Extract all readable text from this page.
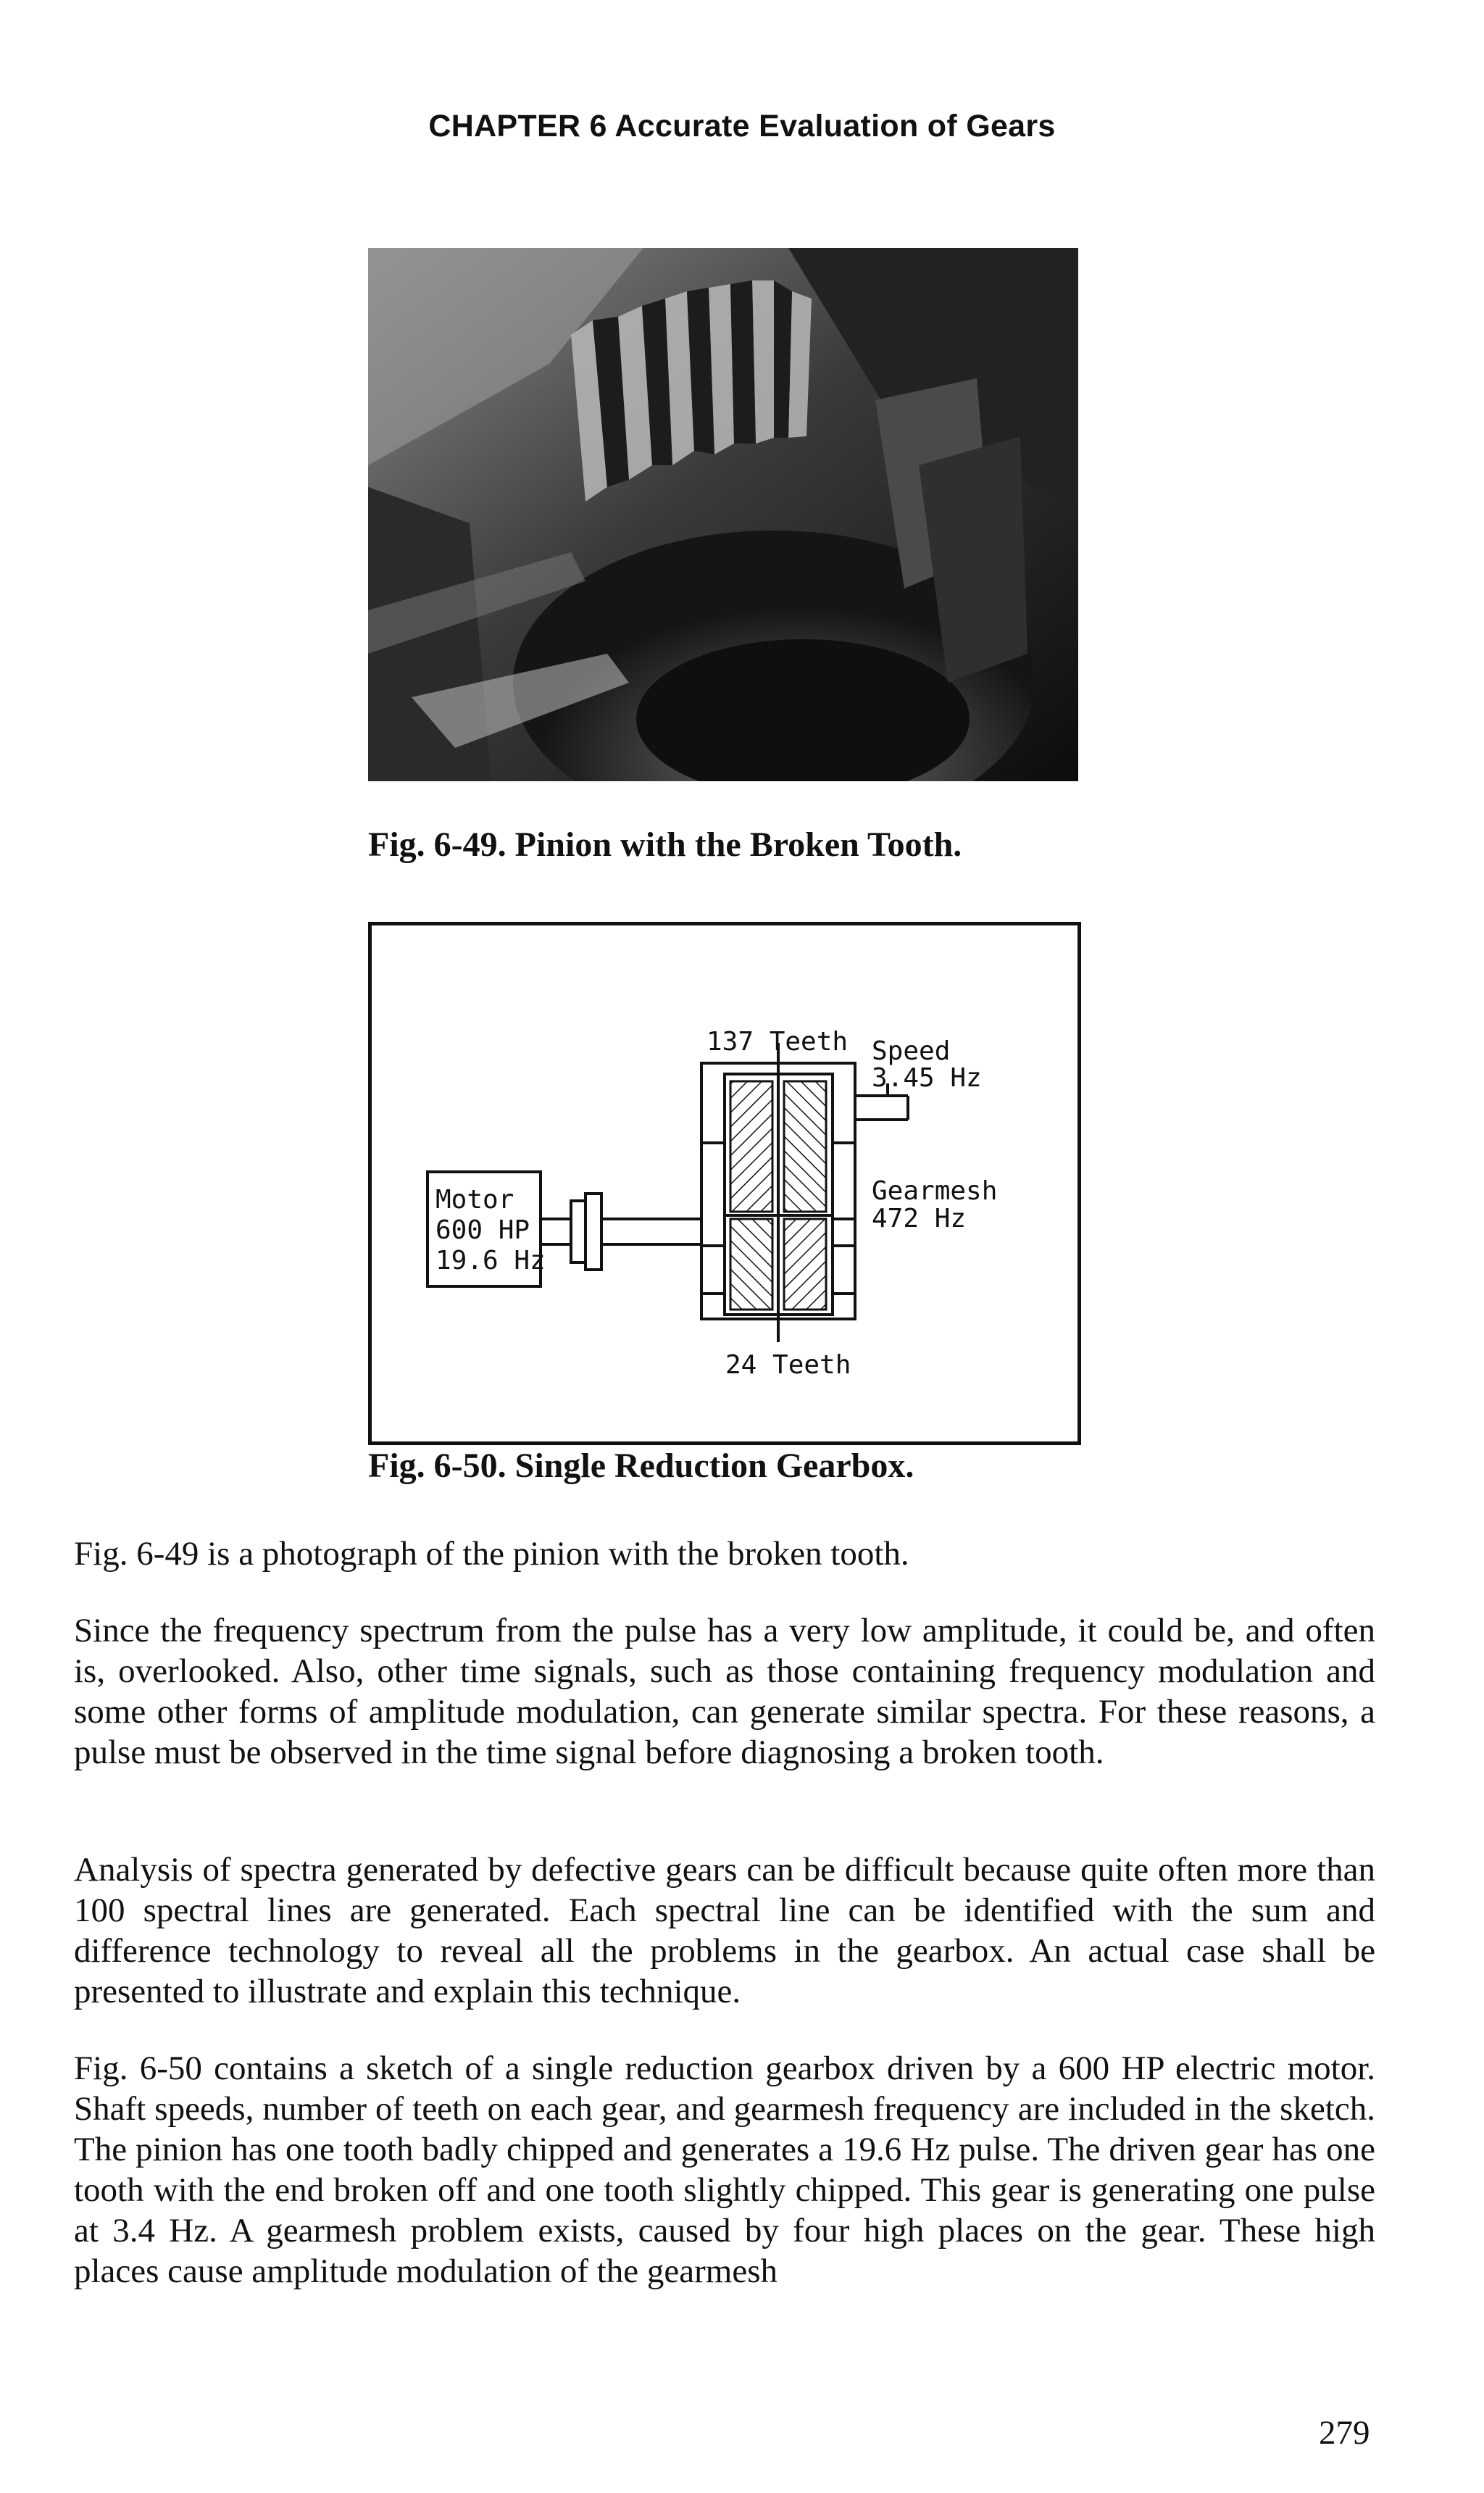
CHAPTER 6 Accurate Evaluation of Gears
Fig. 6-49. Pinion with the Broken Tooth.
Motor
600 HP
19.6 Hz
137 Teeth Speed
3.45 Hz
Gearmesh
472 Hz
24 Teeth
Fig. 6-50. Single Reduction Gearbox.

Fig. 6-49 is a photograph of the pinion with the broken tooth.

Since the frequency spectrum from the pulse has a very low amplitude, it could be, and often is, overlooked. Also, other time signals, such as those containing frequency modulation and some other forms of amplitude modulation, can generate similar spectra. For these reasons, a pulse must be observed in the time signal before diagnosing a broken tooth.

Analysis of spectra generated by defective gears can be difficult because quite often more than 100 spectral lines are generated. Each spectral line can be identified with the sum and difference technology to reveal all the problems in the gearbox. An actual case shall be presented to illustrate and explain this technique.

Fig. 6-50 contains a sketch of a single reduction gearbox driven by a 600 HP electric motor. Shaft speeds, number of teeth on each gear, and gearmesh frequency are included in the sketch. The pinion has one tooth badly chipped and generates a 19.6 Hz pulse. The driven gear has one tooth with the end broken off and one tooth slightly chipped. This gear is generating one pulse at 3.4 Hz. A gearmesh problem exists, caused by four high places on the gear. These high places cause amplitude modulation of the gearmesh

279
